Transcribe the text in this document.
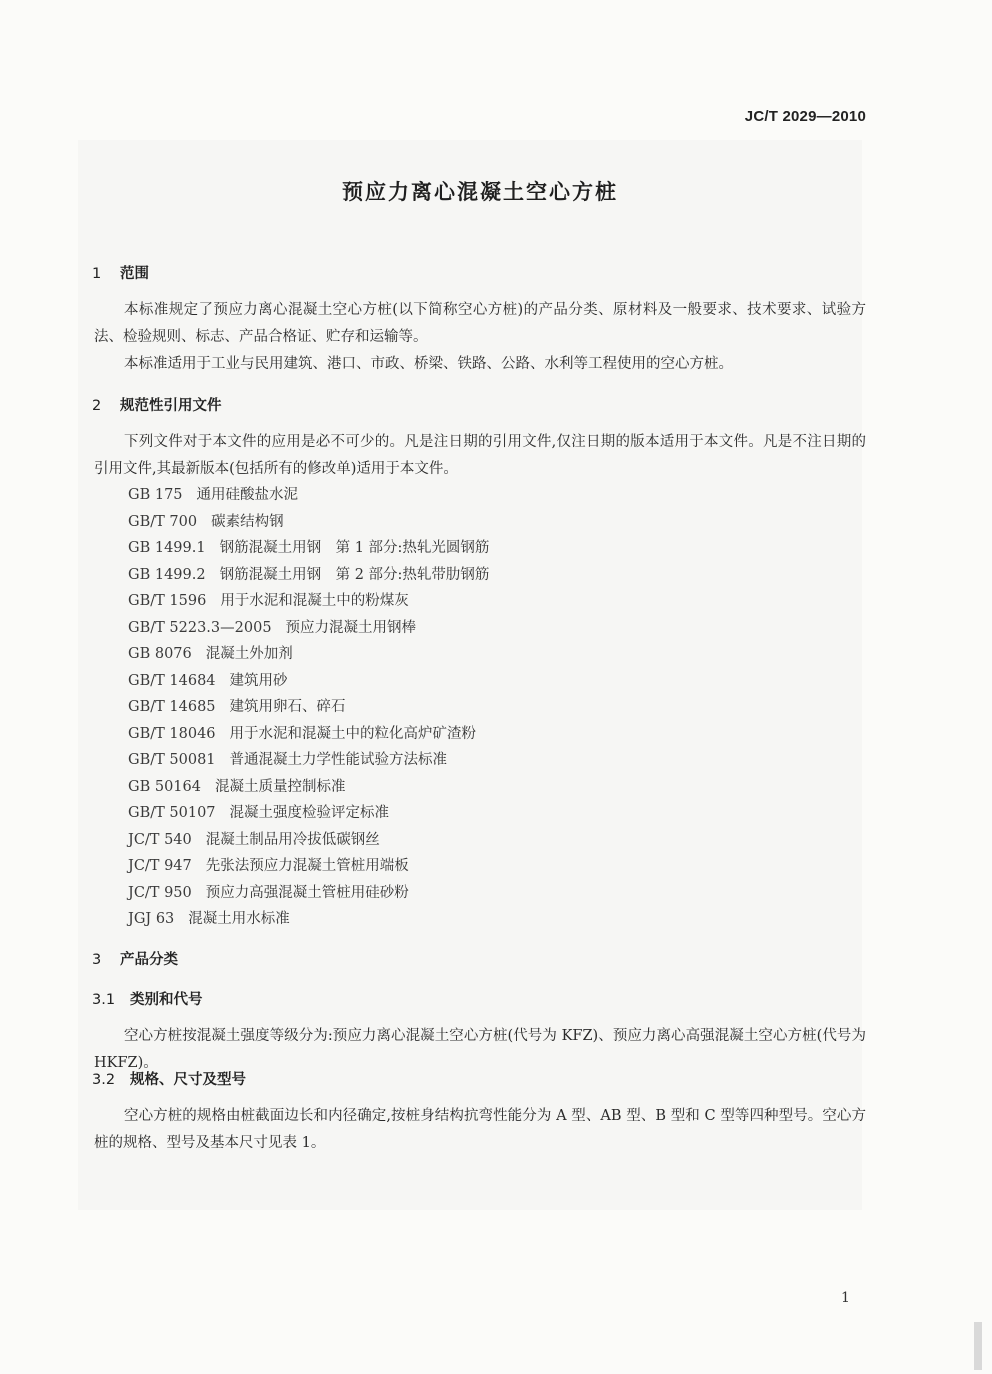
JC/T 2029—2010
预应力离心混凝土空心方桩
1 范围

本标准规定了预应力离心混凝土空心方桩(以下简称空心方桩)的产品分类、原材料及一般要求、技术要求、试验方法、检验规则、标志、产品合格证、贮存和运输等。

本标准适用于工业与民用建筑、港口、市政、桥梁、铁路、公路、水利等工程使用的空心方桩。

2 规范性引用文件

下列文件对于本文件的应用是必不可少的。凡是注日期的引用文件,仅注日期的版本适用于本文件。凡是不注日期的引用文件,其最新版本(包括所有的修改单)适用于本文件。

GB 175 通用硅酸盐水泥
GB/T 700 碳素结构钢
GB 1499.1 钢筋混凝土用钢　第 1 部分:热轧光圆钢筋
GB 1499.2 钢筋混凝土用钢　第 2 部分:热轧带肋钢筋
GB/T 1596 用于水泥和混凝土中的粉煤灰
GB/T 5223.3—2005 预应力混凝土用钢棒
GB 8076 混凝土外加剂
GB/T 14684 建筑用砂
GB/T 14685 建筑用卵石、碎石
GB/T 18046 用于水泥和混凝土中的粒化高炉矿渣粉
GB/T 50081 普通混凝土力学性能试验方法标准
GB 50164 混凝土质量控制标准
GB/T 50107 混凝土强度检验评定标准
JC/T 540 混凝土制品用冷拔低碳钢丝
JC/T 947 先张法预应力混凝土管桩用端板
JC/T 950 预应力高强混凝土管桩用硅砂粉
JGJ 63 混凝土用水标准
3 产品分类
3.1 类别和代号

空心方桩按混凝土强度等级分为:预应力离心混凝土空心方桩(代号为 KFZ)、预应力离心高强混凝土空心方桩(代号为 HKFZ)。

3.2 规格、尺寸及型号

空心方桩的规格由桩截面边长和内径确定,按桩身结构抗弯性能分为 A 型、AB 型、B 型和 C 型等四种型号。空心方桩的规格、型号及基本尺寸见表 1。

1
